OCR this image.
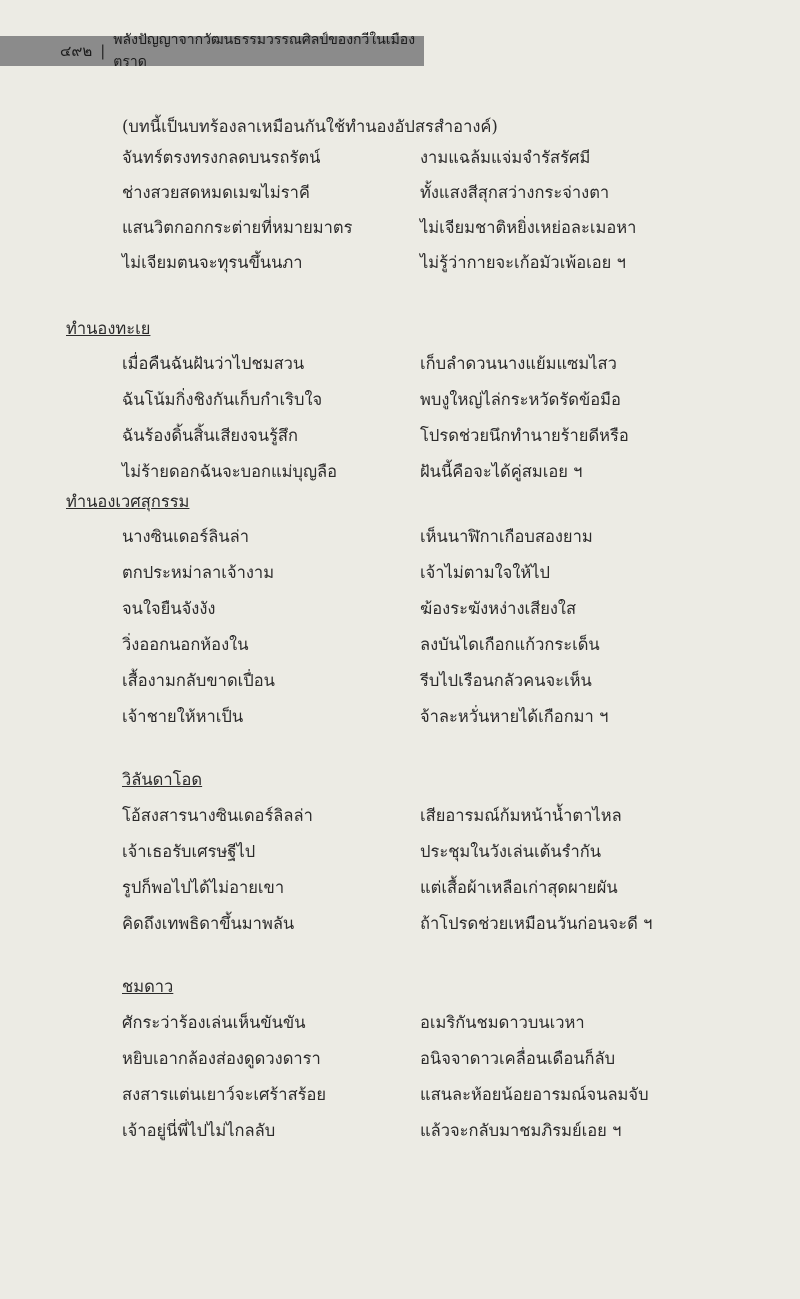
๔๙๒ |
พลังปัญญาจากวัฒนธรรมวรรณศิลป์ของกวีในเมืองตราด
(บทนี้เป็นบทร้องลาเหมือนกันใช้ทำนองอัปสรสำอางค์)
จันทร์ตรงทรงกลดบนรถรัตน์	งามแฉล้มแจ่มจำรัสรัศมี
ช่างสวยสดหมดเมฆไม่ราคี	ทั้งแสงสีสุกสว่างกระจ่างตา
แสนวิตกอกกระต่ายที่หมายมาตร	ไม่เจียมชาติหยิ่งเหย่อละเมอหา
ไม่เจียมตนจะทุรนขึ้นนภา	ไม่รู้ว่ากายจะเก้อมัวเพ้อเอย ฯ
ทำนองทะเย
เมื่อคืนฉันฝันว่าไปชมสวน	เก็บลำดวนนางแย้มแซมไสว
ฉันโน้มกิ่งชิงกันเก็บกำเริบใจ	พบงูใหญ่ไล่กระหวัดรัดข้อมือ
ฉันร้องดิ้นสิ้นเสียงจนรู้สึก	โปรดช่วยนึกทำนายร้ายดีหรือ
ไม่ร้ายดอกฉันจะบอกแม่บุญลือ	ฝันนี้คือจะได้คู่สมเอย ฯ
ทำนองเวศสุกรรม
นางซินเดอร์ลินล่า	เห็นนาฬิกาเกือบสองยาม
ตกประหม่าลาเจ้างาม	เจ้าไม่ตามใจให้ไป
จนใจยืนจังงัง	ฆ้องระฆังหง่างเสียงใส
วิ่งออกนอกห้องใน	ลงบันไดเกือกแก้วกระเด็น
เสื้องามกลับขาดเปื่อน	รีบไปเรือนกลัวคนจะเห็น
เจ้าชายให้หาเป็น	จ้าละหวั่นหายได้เกือกมา ฯ
วิลันดาโอด
โอ้สงสารนางซินเดอร์ลิลล่า	เสียอารมณ์ก้มหน้าน้ำตาไหล
เจ้าเธอรับเศรษฐีไป	ประชุมในวังเล่นเต้นรำกัน
รูปก็พอไปได้ไม่อายเขา	แต่เสื้อผ้าเหลือเก่าสุดผายผัน
คิดถึงเทพธิดาขึ้นมาพลัน	ถ้าโปรดช่วยเหมือนวันก่อนจะดี ฯ
ชมดาว
ศักระว่าร้องเล่นเห็นขันขัน	อเมริกันชมดาวบนเวหา
หยิบเอากล้องส่องดูดวงดารา	อนิจจาดาวเคลื่อนเดือนก็ลับ
สงสารแต่นเยาว์จะเศร้าสร้อย	แสนละห้อยน้อยอารมณ์จนลมจับ
เจ้าอยู่นี่พี่ไปไม่ไกลลับ	แล้วจะกลับมาชมภิรมย์เอย ฯ
